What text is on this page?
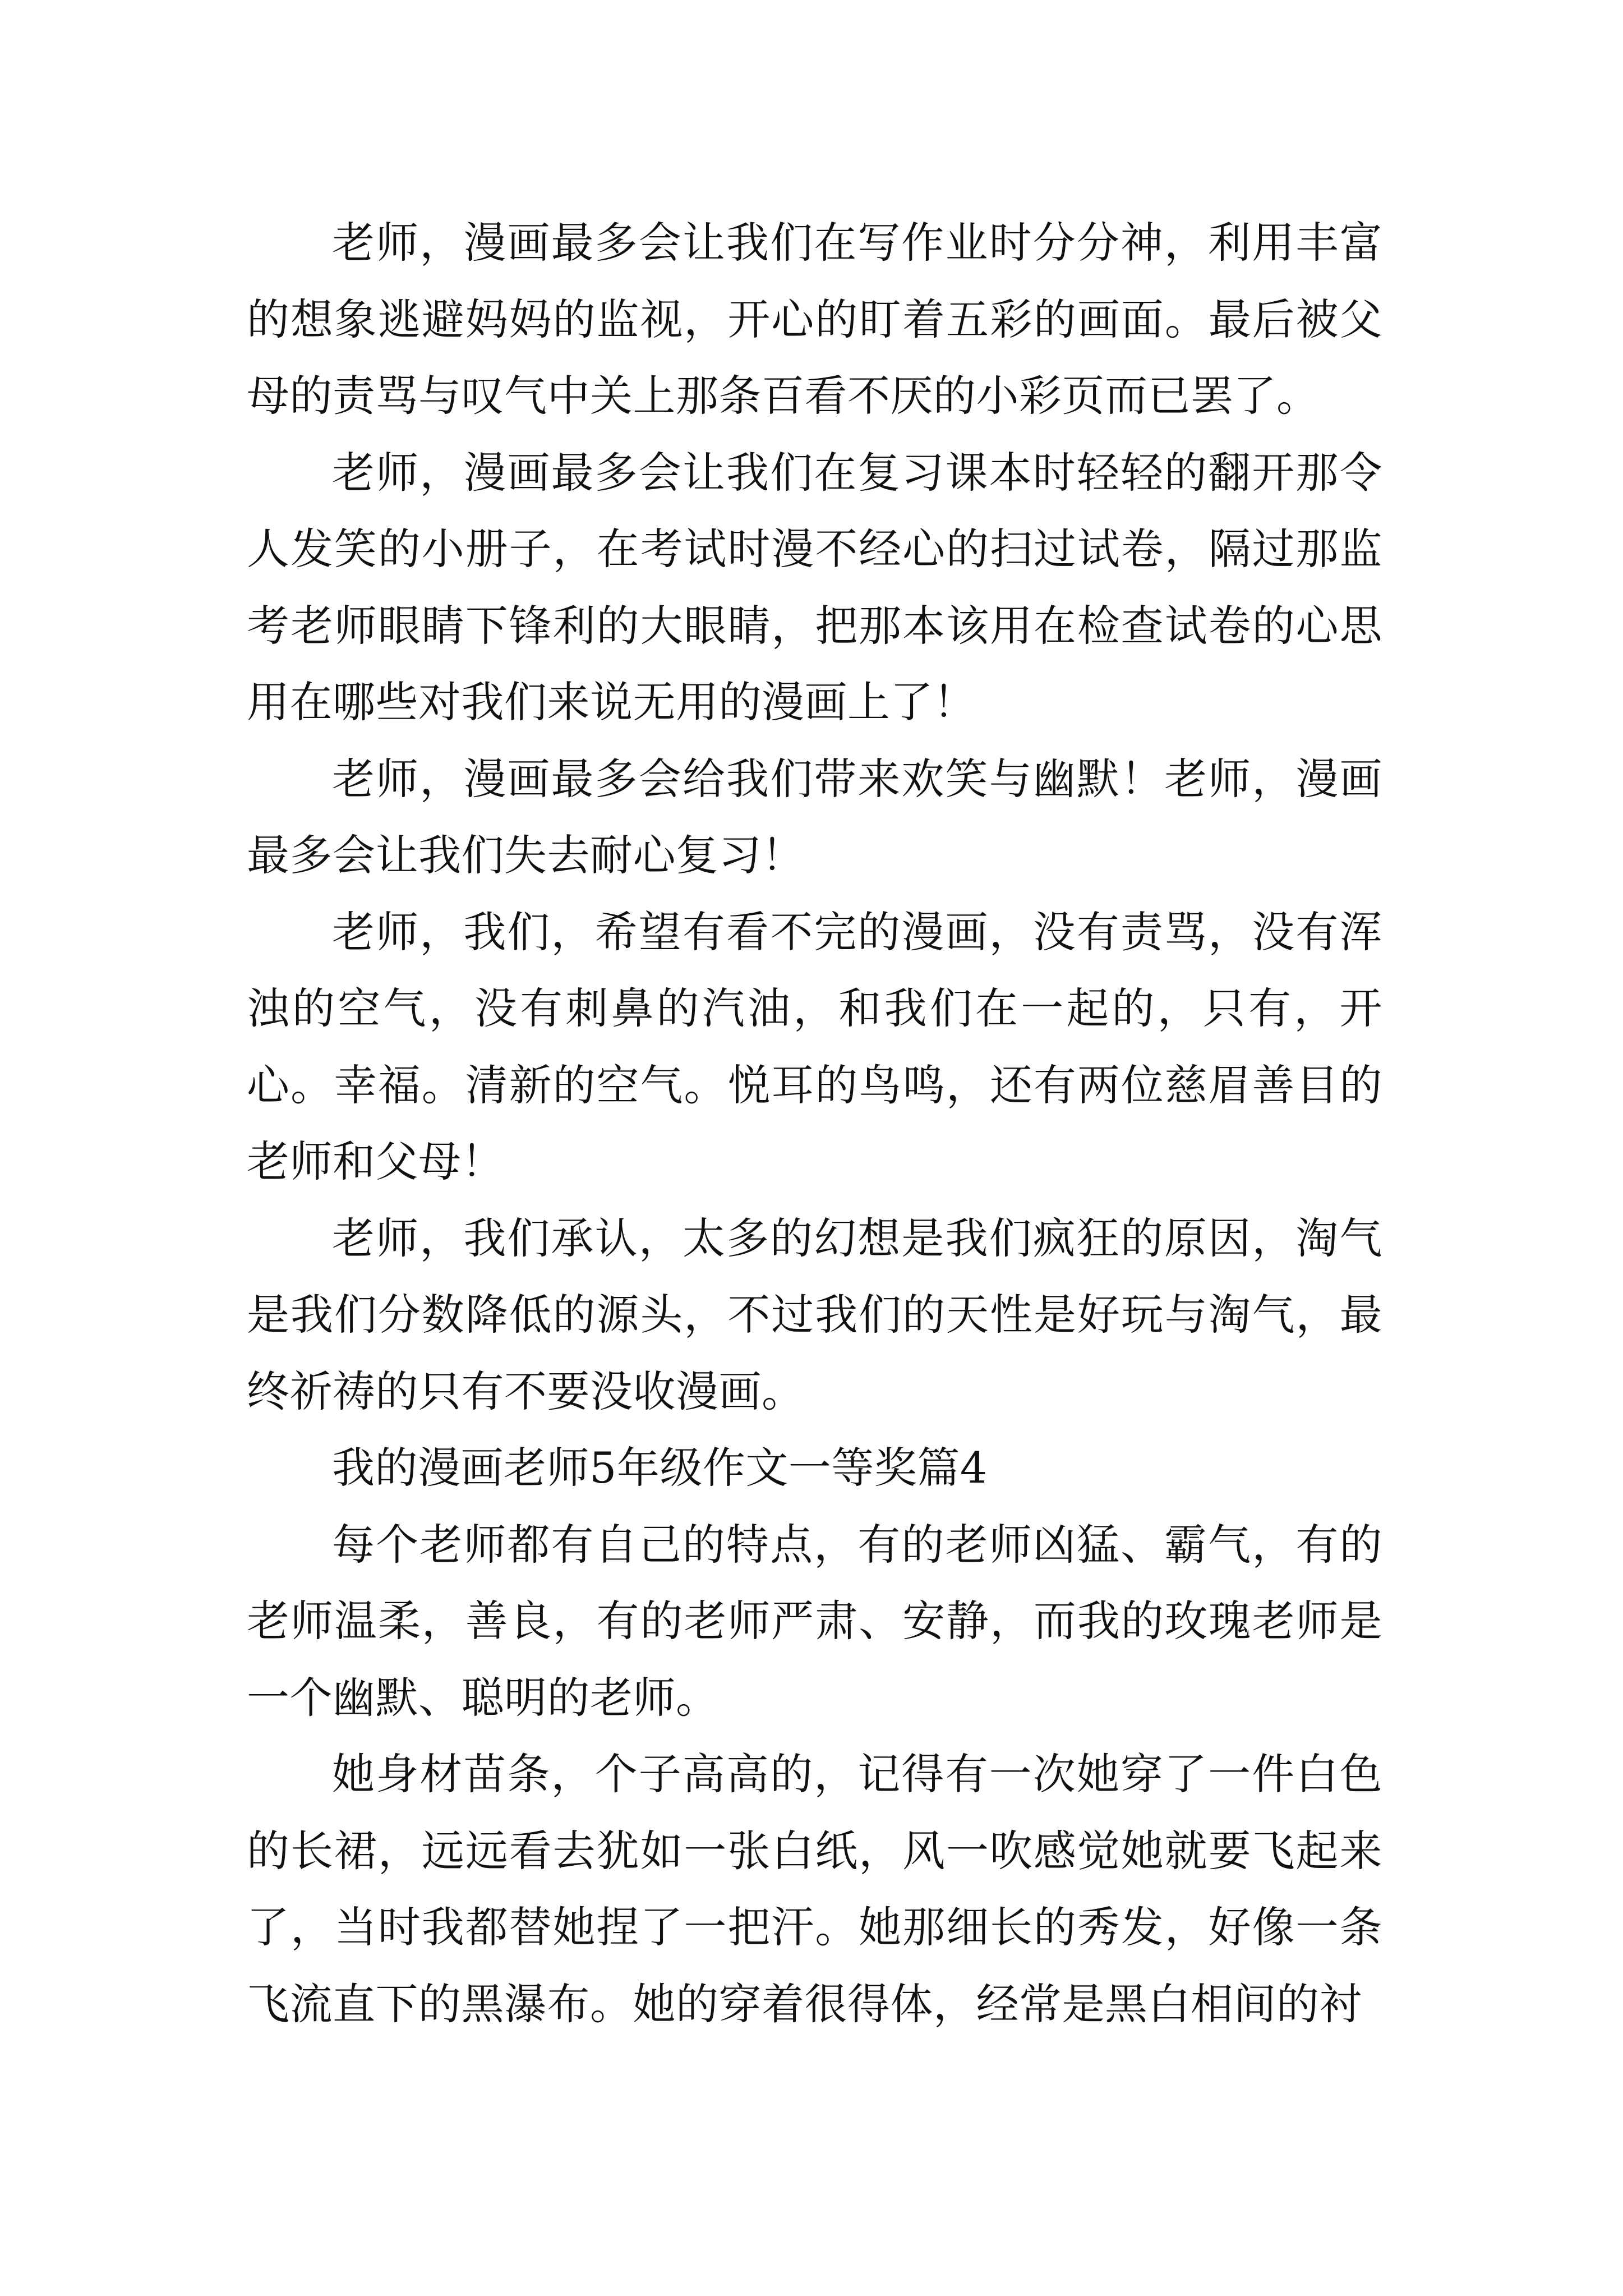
老师，漫画最多会让我们在写作业时分分神，利用丰富的想象逃避妈妈的监视，开心的盯着五彩的画面。最后被父母的责骂与叹气中关上那条百看不厌的小彩页而已罢了。

老师，漫画最多会让我们在复习课本时轻轻的翻开那令人发笑的小册子，在考试时漫不经心的扫过试卷，隔过那监考老师眼睛下锋利的大眼睛，把那本该用在检查试卷的心思用在哪些对我们来说无用的漫画上了！

老师，漫画最多会给我们带来欢笑与幽默！老师，漫画最多会让我们失去耐心复习！

老师，我们，希望有看不完的漫画，没有责骂，没有浑浊的空气，没有刺鼻的汽油，和我们在一起的，只有，开心。幸福。清新的空气。悦耳的鸟鸣，还有两位慈眉善目的老师和父母！

老师，我们承认，太多的幻想是我们疯狂的原因，淘气是我们分数降低的源头，不过我们的天性是好玩与淘气，最终祈祷的只有不要没收漫画。

我的漫画老师5年级作文一等奖篇4

每个老师都有自己的特点，有的老师凶猛、霸气，有的老师温柔，善良，有的老师严肃、安静，而我的玫瑰老师是一个幽默、聪明的老师。

她身材苗条，个子高高的，记得有一次她穿了一件白色的长裙，远远看去犹如一张白纸，风一吹感觉她就要飞起来了，当时我都替她捏了一把汗。她那细长的秀发，好像一条飞流直下的黑瀑布。她的穿着很得体，经常是黑白相间的衬
